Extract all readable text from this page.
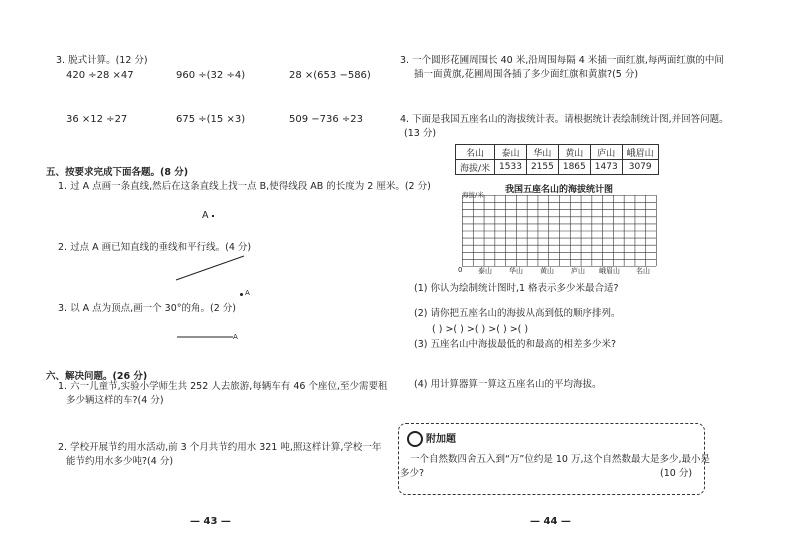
3. 脱式计算。(12 分)
420 ÷28 ×47	960 ÷(32 ÷4)	28 ×(653 −586)
36 ×12 ÷27	675 ÷(15 ×3)	509 −736 ÷23
五、按要求完成下面各题。(8 分)
1. 过 A 点画一条直线,然后在这条直线上找一点 B,使得线段 AB 的长度为 2 厘米。(2 分)
A
2. 过点 A 画已知直线的垂线和平行线。(4 分)
A
3. 以 A 点为顶点,画一个 30°的角。(2 分)
A
六、解决问题。(26 分)
1. 六一儿童节,实验小学师生共 252 人去旅游,每辆车有 46 个座位,至少需要租
多少辆这样的车?(4 分)
2. 学校开展节约用水活动,前 3 个月共节约用水 321 吨,照这样计算,学校一年
能节约用水多少吨?(4 分)
— 43 —
3. 一个圆形花圃周围长 40 米,沿周围每隔 4 米插一面红旗,每两面红旗的中间
插一面黄旗,花圃周围各插了多少面红旗和黄旗?(5 分)
4. 下面是我国五座名山的海拔统计表。请根据统计表绘制统计图,并回答问题。
(13 分)
名山	泰山	华山	黄山	庐山	峨眉山
海拔/米	1533	2155	1865	1473	3079
我国五座名山的海拔统计图
海拔/米
0 泰山 华山 黄山 庐山 峨眉山 名山
(1) 你认为绘制统计图时,1 格表示多少米最合适?
(2) 请你把五座名山的海拔从高到低的顺序排列。
( ) >( ) >( ) >( ) >( )
(3) 五座名山中海拔最低的和最高的相差多少米?
(4) 用计算器算一算这五座名山的平均海拔。
附加题
一个自然数四舍五入到“万”位约是 10 万,这个自然数最大是多少,最小是
多少?	(10 分)
— 44 —
